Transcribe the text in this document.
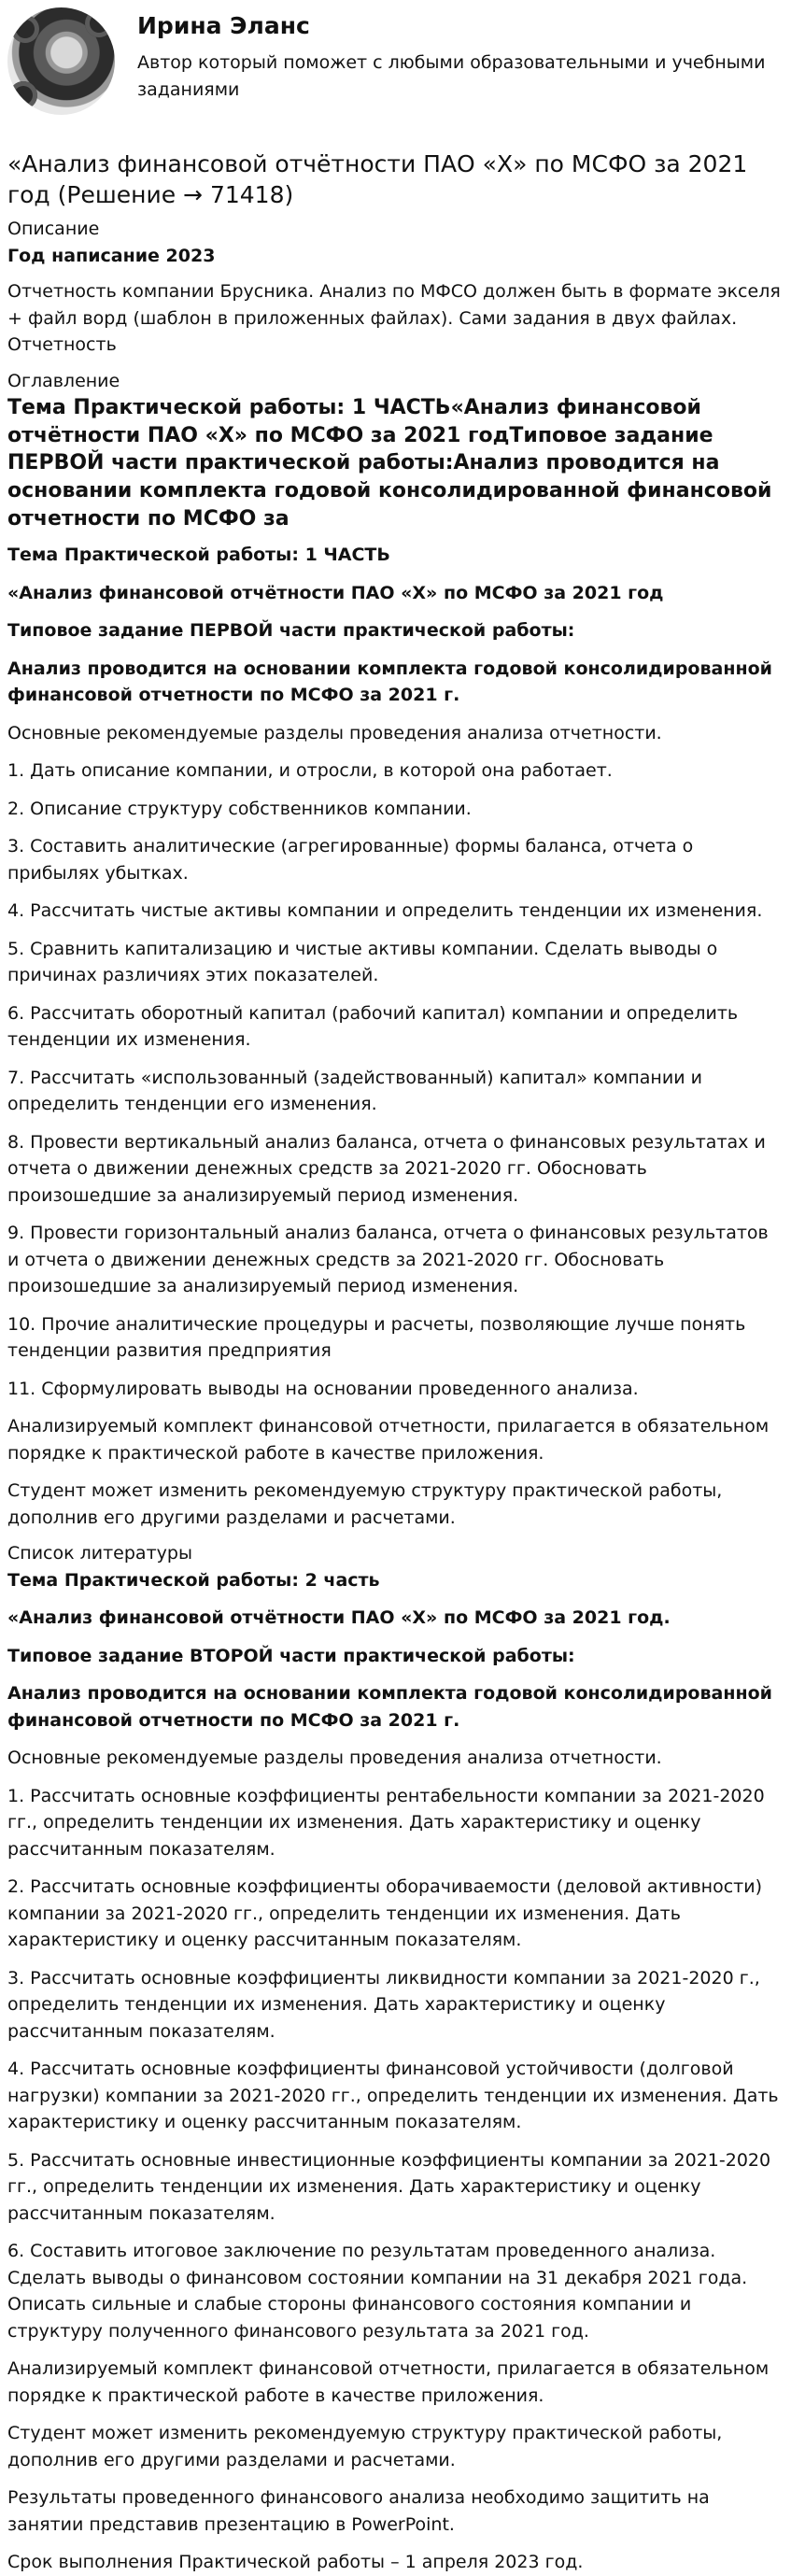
Ирина Эланс
Автор который поможет с любыми образовательными и учебными заданиями
«Анализ финансовой отчётности ПАО «Х» по МСФО за 2021 год (Решение → 71418)
Описание
Год написание 2023
Отчетность компании Брусника. Анализ по МФСО должен быть в формате экселя + файл ворд (шаблон в приложенных файлах). Сами задания в двух файлах.
Отчетность
Оглавление
Тема Практической работы: 1 ЧАСТЬ«Анализ финансовой отчётности ПАО «Х» по МСФО за 2021 годТиповое задание ПЕРВОЙ части практической работы:Анализ проводится на основании комплекта годовой консолидированной финансовой отчетности по МСФО за

Тема Практической работы: 1 ЧАСТЬ

«Анализ финансовой отчётности ПАО «Х» по МСФО за 2021 год

Типовое задание ПЕРВОЙ части практической работы:

Анализ проводится на основании комплекта годовой консолидированной финансовой отчетности по МСФО за 2021 г.

Основные рекомендуемые разделы проведения анализа отчетности.

1. Дать описание компании, и отросли, в которой она работает.

2. Описание структуру собственников компании.

3. Составить аналитические (агрегированные) формы баланса, отчета о прибылях убытках.

4. Рассчитать чистые активы компании и определить тенденции их изменения.

5. Сравнить капитализацию и чистые активы компании. Сделать выводы о причинах различиях этих показателей.

6. Рассчитать оборотный капитал (рабочий капитал) компании и определить тенденции их изменения.

7. Рассчитать «использованный (задействованный) капитал» компании и определить тенденции его изменения.

8. Провести вертикальный анализ баланса, отчета о финансовых результатах и отчета о движении денежных средств за 2021-2020 гг. Обосновать произошедшие за анализируемый период изменения.

9. Провести горизонтальный анализ баланса, отчета о финансовых результатов и отчета о движении денежных средств за 2021-2020 гг. Обосновать произошедшие за анализируемый период изменения.

10. Прочие аналитические процедуры и расчеты, позволяющие лучше понять тенденции развития предприятия

11. Сформулировать выводы на основании проведенного анализа.

Анализируемый комплект финансовой отчетности, прилагается в обязательном порядке к практической работе в качестве приложения.

Студент может изменить рекомендуемую структуру практической работы, дополнив его другими разделами и расчетами.

Список литературы

Тема Практической работы: 2 часть

«Анализ финансовой отчётности ПАО «Х» по МСФО за 2021 год.

Типовое задание ВТОРОЙ части практической работы:

Анализ проводится на основании комплекта годовой консолидированной финансовой отчетности по МСФО за 2021 г.

Основные рекомендуемые разделы проведения анализа отчетности.

1. Рассчитать основные коэффициенты рентабельности компании за 2021-2020 гг., определить тенденции их изменения. Дать характеристику и оценку рассчитанным показателям.

2. Рассчитать основные коэффициенты оборачиваемости (деловой активности) компании за 2021-2020 гг., определить тенденции их изменения. Дать характеристику и оценку рассчитанным показателям.

3. Рассчитать основные коэффициенты ликвидности компании за 2021-2020 г., определить тенденции их изменения. Дать характеристику и оценку рассчитанным показателям.

4. Рассчитать основные коэффициенты финансовой устойчивости (долговой нагрузки) компании за 2021-2020 гг., определить тенденции их изменения. Дать характеристику и оценку рассчитанным показателям.

5. Рассчитать основные инвестиционные коэффициенты компании за 2021-2020 гг., определить тенденции их изменения. Дать характеристику и оценку рассчитанным показателям.

6. Составить итоговое заключение по результатам проведенного анализа. Сделать выводы о финансовом состоянии компании на 31 декабря 2021 года. Описать сильные и слабые стороны финансового состояния компании и структуру полученного финансового результата за 2021 год.

Анализируемый комплект финансовой отчетности, прилагается в обязательном порядке к практической работе в качестве приложения.

Студент может изменить рекомендуемую структуру практической работы, дополнив его другими разделами и расчетами.

Результаты проведенного финансового анализа необходимо защитить на занятии представив презентацию в PowerPoint.

Срок выполнения Практической работы – 1 апреля 2023 год.
